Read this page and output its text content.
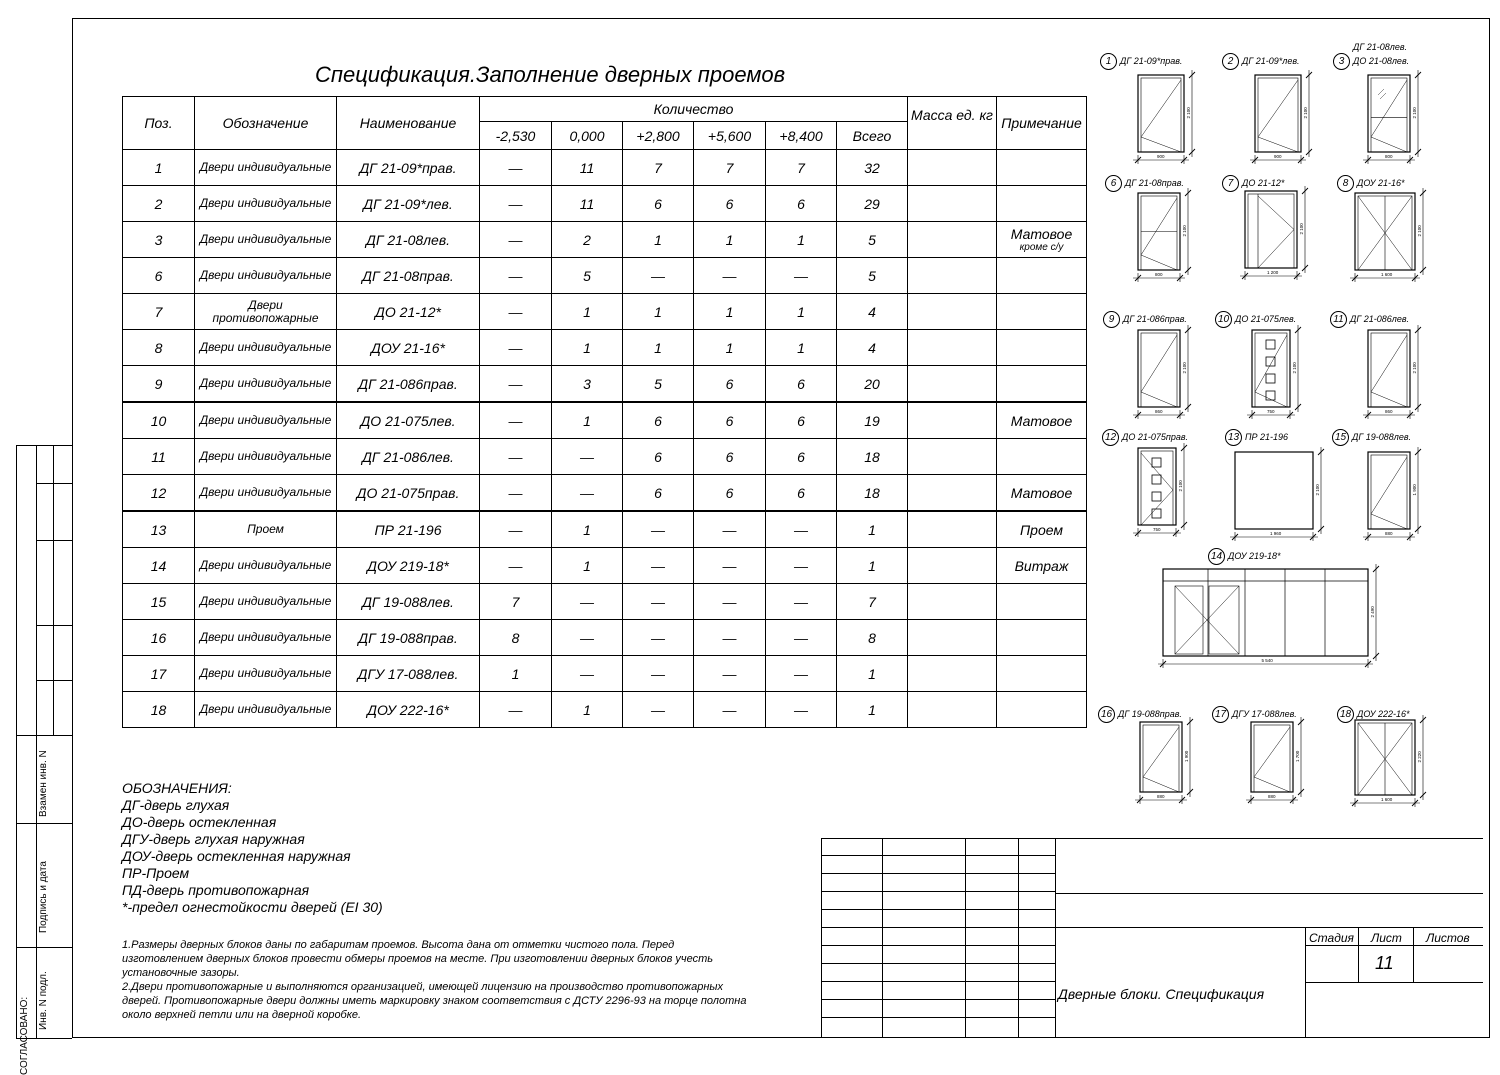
СОГЛАСОВАНО:
Взамен инв. N
Подпись и дата
Инв. N подл.
Спецификация.Заполнение дверных проемов
Поз.	Обозначение	Наименование	Количество						Масса ед. кг	Примечание
			-2,530	0,000	+2,800	+5,600	+8,400	Всего		
1	Двери индивидуальные	ДГ 21-09*прав.	—	11	7	7	7	32		

2	Двери индивидуальные	ДГ 21-09*лев.	—	11	6	6	6	29		

3	Двери индивидуальные	ДГ 21-08лев.	—	2	1	1	1	5		Матовое
кроме с/у

6	Двери индивидуальные	ДГ 21-08прав.	—	5	—	—	—	5		

7	Двери противопожарные	ДО 21-12*	—	1	1	1	1	4		

8	Двери индивидуальные	ДОУ 21-16*	—	1	1	1	1	4		

9	Двери индивидуальные	ДГ 21-086прав.	—	3	5	6	6	20		

10	Двери индивидуальные	ДО 21-075лев.	—	1	6	6	6	19		Матовое

11	Двери индивидуальные	ДГ 21-086лев.	—	—	6	6	6	18		

12	Двери индивидуальные	ДО 21-075прав.	—	—	6	6	6	18		Матовое

13	Проем	ПР 21-196	—	1	—	—	—	1		Проем

14	Двери индивидуальные	ДОУ 219-18*	—	1	—	—	—	1		Витраж

15	Двери индивидуальные	ДГ 19-088лев.	7	—	—	—	—	7		

16	Двери индивидуальные	ДГ 19-088прав.	8	—	—	—	—	8		

17	Двери индивидуальные	ДГУ 17-088лев.	1	—	—	—	—	1		

18	Двери индивидуальные	ДОУ 222-16*	—	1	—	—	—	1		
ОБОЗНАЧЕНИЯ:
ДГ-дверь глухая
ДО-дверь остекленная
ДГУ-дверь глухая наружная
ДОУ-дверь остекленная наружная
ПР-Проем
ПД-дверь противопожарная
*-предел огнестойкости дверей (EI 30)
1.Размеры дверных блоков даны по габаритам проемов. Высота дана от отметки чистого пола. Перед изготовлением дверных блоков провести обмеры проемов на месте. При изготовлении дверных блоков учесть установочные зазоры.
2.Двери противопожарные и выполняются организацией, имеющей лицензию на производство противопожарных дверей. Противопожарные двери должны иметь маркировку знаком соответствия с ДСТУ 2296-93 на торце полотна около верхней петли или на дверной коробке.
Стадия Лист Листов
11
Дверные блоки. Спецификация
900
2 100
900
2 100
800
2 100
800
2 100
1 200
2 100
1 600
2 100
860
2 100
750
2 100
860
2 100
750
2 100
1 960
2 100
880
1 900
5 540
2 490
880
1 900
880
1 700
1 600
2 220
1 ДГ 21-09*прав.	2 ДГ 21-09*лев.	3 ДО 21-08лев.
ДГ 21-08лев.
6 ДГ 21-08прав.	7 ДО 21-12*	8 ДОУ 21-16*
9 ДГ 21-086прав.	10 ДО 21-075лев.	11 ДГ 21-086лев.
12 ДО 21-075прав.	13 ПР 21-196	15 ДГ 19-088лев.
14 ДОУ 219-18*
16 ДГ 19-088прав.	17 ДГУ 17-088лев.	18 ДОУ 222-16*
